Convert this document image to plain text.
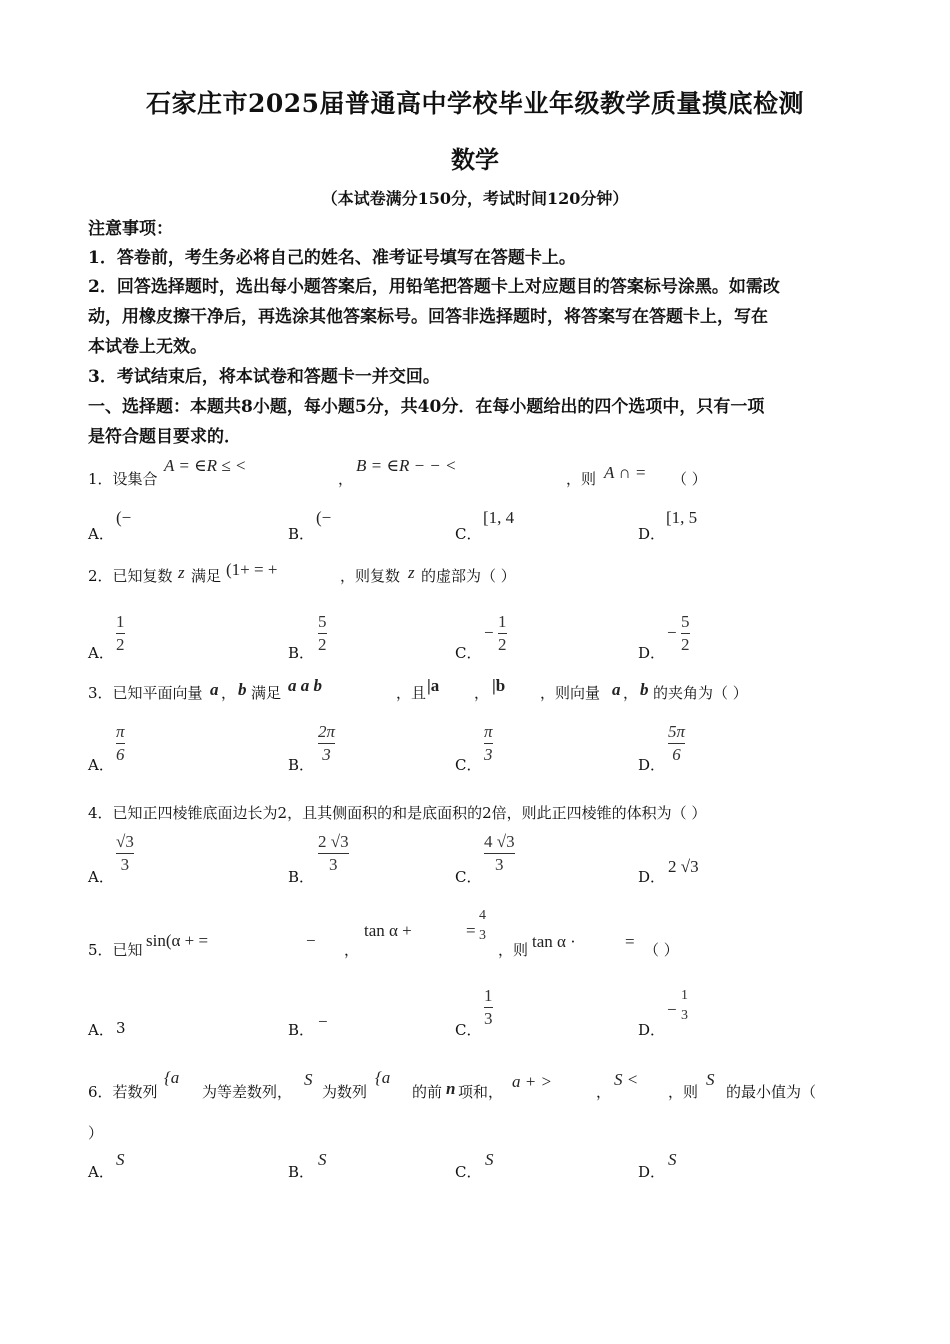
石家庄市2025届普通高中学校毕业年级教学质量摸底检测
数学
（本试卷满分150分，考试时间120分钟）
注意事项：
1．答卷前，考生务必将自己的姓名、准考证号填写在答题卡上。
2．回答选择题时，选出每小题答案后，用铅笔把答题卡上对应题目的答案标号涂黑。如需改
动，用橡皮擦干净后，再选涂其他答案标号。回答非选择题时，将答案写在答题卡上，写在
本试卷上无效。
3．考试结束后，将本试卷和答题卡一并交回。
一、选择题：本题共8小题，每小题5分，共40分．在每小题给出的四个选项中，只有一项
是符合题目要求的．
1．设集合
A = ∈R ≤ <
，
B = ∈R − − <
，则 A ∩ = （ ）
A．
(−
B．
(−
C．
[1, 4
D．
[1, 5
2．已知复数 z 满足 (1+ = +	，则复数 z 的虚部为（ ）
A．
1
2	B．
5
2	C．
−
1
2	D．
−
5
2
3．已知平面向量 a ， b 满足 a a b	，且 |a ， |b ，则向量 a ， b 的夹角为（ ）
A．
π
6
B．
2π
3
C．
π
3
D．
5π
6
4．已知正四棱锥底面边长为2，且其侧面积的和是底面积的2倍，则此正四棱锥的体积为（ ）
A．
√3
3
B．
2 √3
3
C．
4 √3
3
D．
2 √3
5．已知 sin(α + =	− ，
tan α +	=
4
3
，则 tan α ·	= （ ）
A． 3	B． −	C．
1
3
D．
−
1
3
6．若数列
{a
为等差数列，
S
为数列
{a
的前 n 项和，
a + >
，
S <
，则
S
的最小值为（
）
A．
S
B．
S
C．
S
D．
S
